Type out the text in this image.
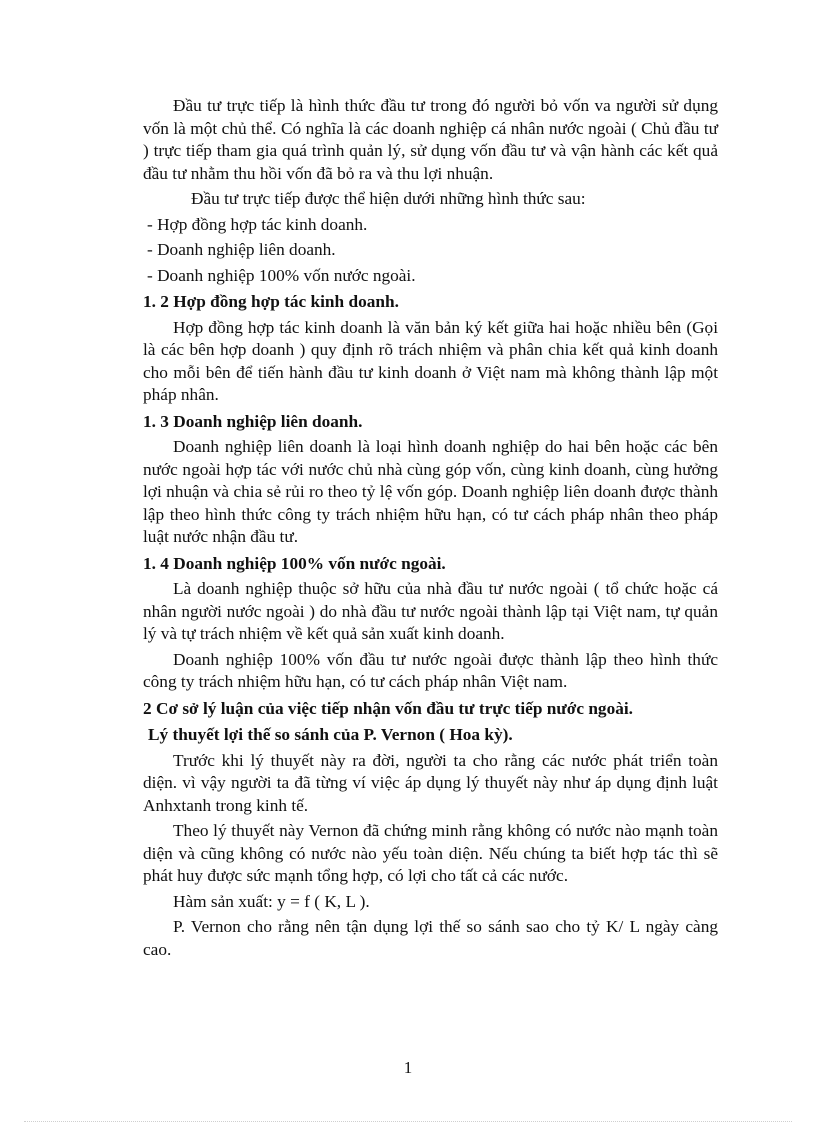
Đầu tư trực tiếp là hình thức đầu tư trong đó người bỏ vốn va người sử dụng vốn là một chủ thể. Có nghĩa là các doanh nghiệp cá nhân nước ngoài ( Chủ đầu tư ) trực tiếp tham gia quá trình quản lý, sử dụng vốn đầu tư và vận hành các kết quả đầu tư nhằm thu hồi vốn đã bỏ ra và thu lợi nhuận.

Đầu tư trực tiếp được thể hiện dưới những hình thức sau:

- Hợp đồng hợp tác kinh doanh.

- Doanh nghiệp liên doanh.

- Doanh nghiệp 100% vốn nước ngoài.

1. 2 Hợp đồng hợp tác kinh doanh.

Hợp đồng hợp tác kinh doanh là văn bản ký kết giữa hai hoặc nhiều bên (Gọi là các bên hợp doanh ) quy định rõ trách nhiệm và phân chia kết quả kinh doanh cho mỗi bên để tiến hành đầu tư kinh doanh ở Việt nam mà không thành lập một pháp nhân.

1. 3 Doanh nghiệp liên doanh.

Doanh nghiệp liên doanh là loại hình doanh nghiệp do hai bên hoặc các bên nước ngoài hợp tác với nước chủ nhà cùng góp vốn, cùng kinh doanh, cùng hưởng lợi nhuận và chia sẻ rủi ro theo tỷ lệ vốn góp. Doanh nghiệp liên doanh được thành lập theo hình thức công ty trách nhiệm hữu hạn, có tư cách pháp nhân theo pháp luật nước nhận đầu tư.

1. 4 Doanh nghiệp 100% vốn nước ngoài.

Là doanh nghiệp thuộc sở hữu của nhà đầu tư nước ngoài ( tổ chức hoặc cá nhân người nước ngoài ) do nhà đầu tư nước ngoài thành lập tại Việt nam, tự quản lý và tự trách nhiệm về kết quả sản xuất kinh doanh.

Doanh nghiệp 100% vốn đầu tư nước ngoài được thành lập theo hình thức công ty trách nhiệm hữu hạn, có tư cách pháp nhân Việt nam.

2 Cơ sở lý luận của việc tiếp nhận vốn đầu tư trực tiếp nước ngoài.

Lý thuyết lợi thế so sánh của P. Vernon ( Hoa kỳ).

Trước khi lý thuyết này ra đời, người ta cho rằng các nước phát triển toàn diện. vì vậy người ta đã từng ví việc áp dụng lý thuyết này như áp dụng định luật Anhxtanh trong kinh tế.

Theo lý thuyết này Vernon đã chứng minh rằng không có nước nào mạnh toàn diện và cũng không có nước nào yếu toàn diện. Nếu chúng ta biết hợp tác thì sẽ phát huy được sức mạnh tổng hợp, có lợi cho tất cả các nước.

Hàm sản xuất: y = f ( K, L ).

P. Vernon cho rằng nên tận dụng lợi thế so sánh sao cho tỷ K/ L ngày càng cao.

1
